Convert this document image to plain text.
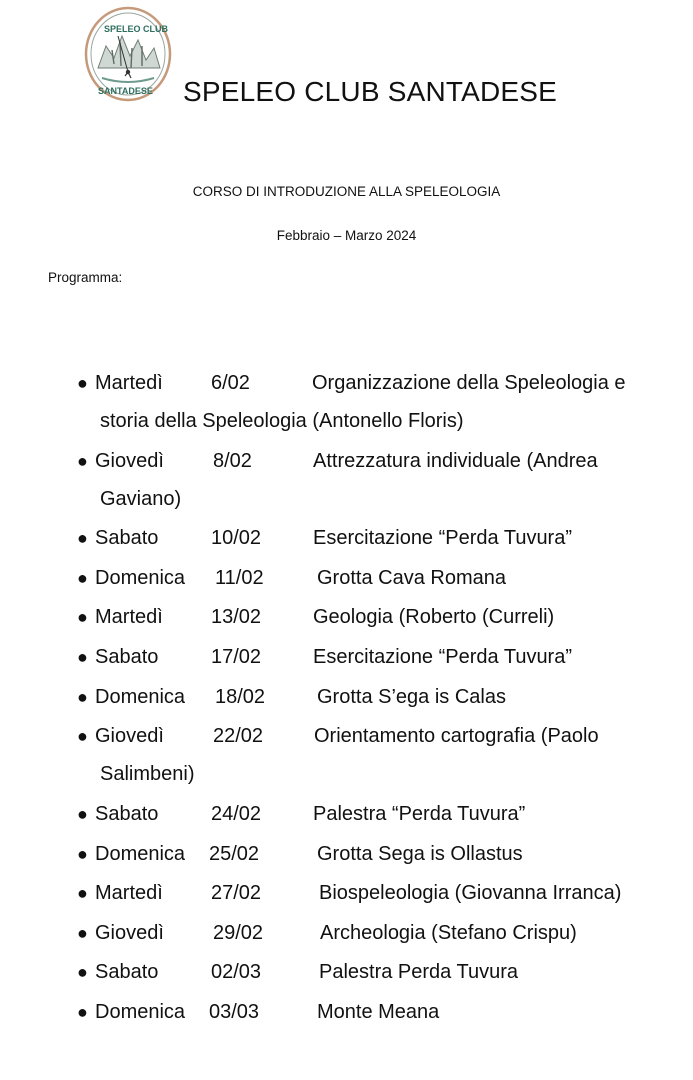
SPELEO CLUB
SANTADESE SPELEO CLUB SANTADESE
CORSO DI INTRODUZIONE ALLA SPELEOLOGIA
Febbraio – Marzo 2024
Programma:
● Martedì 6/02	Organizzazione della Speleologia e
storia della Speleologia (Antonello Floris)
● Giovedì 8/02	Attrezzatura individuale (Andrea
Gaviano)
● Sabato	10/02	Esercitazione “Perda Tuvura”
● Domenica 11/02	Grotta Cava Romana
● Martedì 13/02	Geologia (Roberto (Curreli)
● Sabato	17/02	Esercitazione “Perda Tuvura”
● Domenica 18/02	Grotta S’ega is Calas
● Giovedì 22/02	Orientamento cartografia (Paolo
Salimbeni)
● Sabato	24/02	Palestra “Perda Tuvura”
● Domenica 25/02	Grotta Sega is Ollastus
● Martedì 27/02	Biospeleologia (Giovanna Irranca)
● Giovedì 29/02	Archeologia (Stefano Crispu)
● Sabato	02/03	Palestra Perda Tuvura
● Domenica 03/03	Monte Meana
